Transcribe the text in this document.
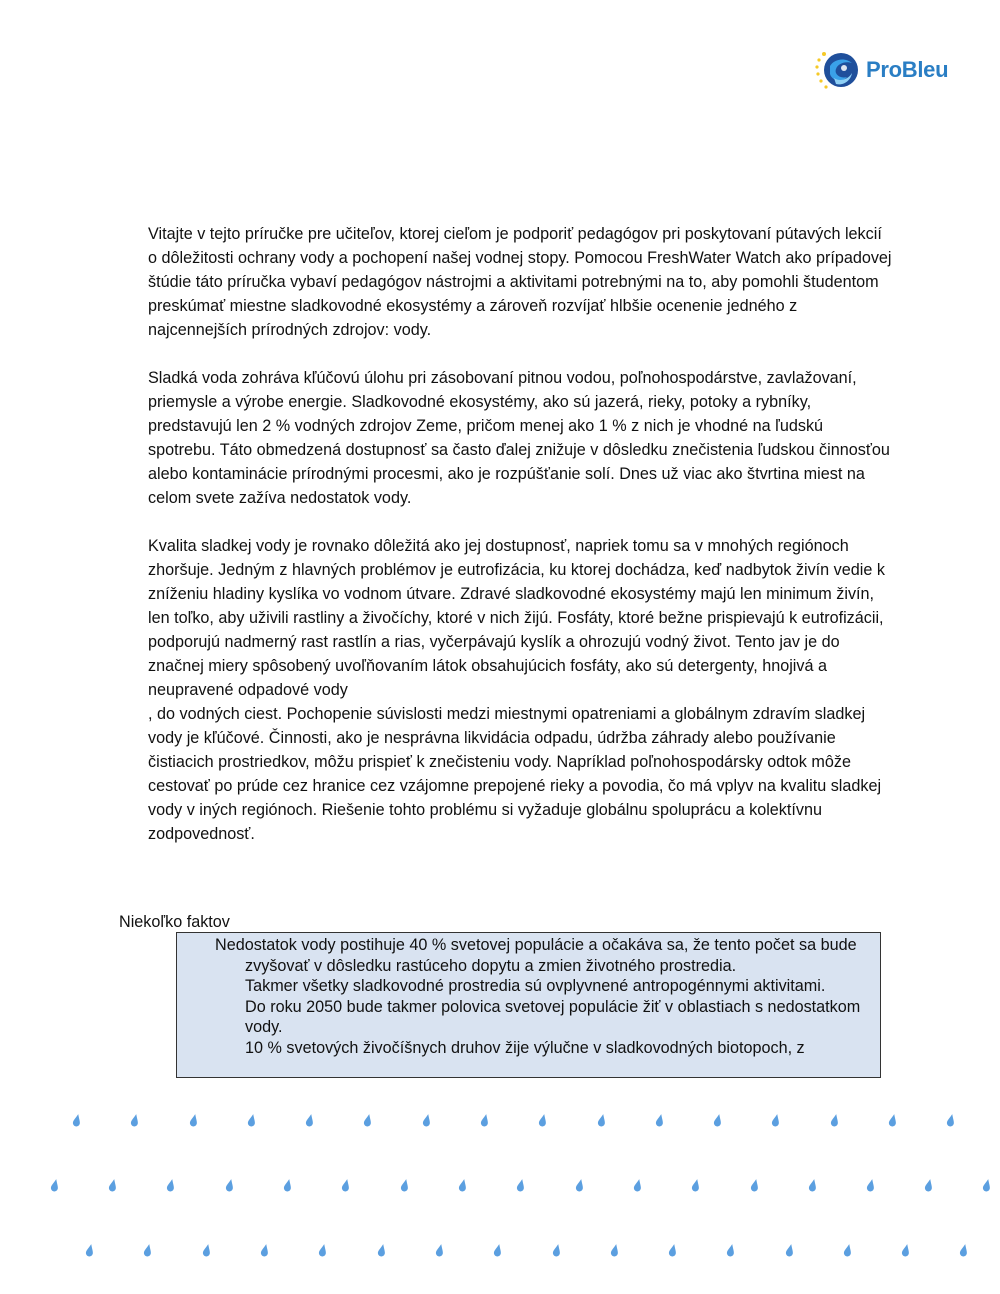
ProBleu

Vitajte v tejto príručke pre učiteľov, ktorej cieľom je podporiť pedagógov pri poskytovaní pútavých lekcií o dôležitosti ochrany vody a pochopení našej vodnej stopy. Pomocou FreshWater Watch ako prípadovej štúdie táto príručka vybaví pedagógov nástrojmi a aktivitami potrebnými na to, aby pomohli študentom preskúmať miestne sladkovodné ekosystémy a zároveň rozvíjať hlbšie ocenenie jedného z najcennejších prírodných zdrojov: vody.

Sladká voda zohráva kľúčovú úlohu pri zásobovaní pitnou vodou, poľnohospodárstve, zavlažovaní, priemysle a výrobe energie. Sladkovodné ekosystémy, ako sú jazerá, rieky, potoky a rybníky, predstavujú len 2 % vodných zdrojov Zeme, pričom menej ako 1 % z nich je vhodné na ľudskú spotrebu. Táto obmedzená dostupnosť sa často ďalej znižuje v dôsledku znečistenia ľudskou činnosťou alebo kontaminácie prírodnými procesmi, ako je rozpúšťanie solí. Dnes už viac ako štvrtina miest na celom svete zažíva nedostatok vody.

Kvalita sladkej vody je rovnako dôležitá ako jej dostupnosť, napriek tomu sa v mnohých regiónoch zhoršuje. Jedným z hlavných problémov je eutrofizácia, ku ktorej dochádza, keď nadbytok živín vedie k zníženiu hladiny kyslíka vo vodnom útvare. Zdravé sladkovodné ekosystémy majú len minimum živín, len toľko, aby uživili rastliny a živočíchy, ktoré v nich žijú. Fosfáty, ktoré bežne prispievajú k eutrofizácii, podporujú nadmerný rast rastlín a rias, vyčerpávajú kyslík a ohrozujú vodný život. Tento jav je do značnej miery spôsobený uvoľňovaním látok obsahujúcich fosfáty, ako sú detergenty, hnojivá a neupravené odpadové vody
, do vodných ciest. Pochopenie súvislosti medzi miestnymi opatreniami a globálnym zdravím sladkej vody je kľúčové. Činnosti, ako je nesprávna likvidácia odpadu, údržba záhrady alebo používanie čistiacich prostriedkov, môžu prispieť k znečisteniu vody. Napríklad poľnohospodársky odtok môže cestovať po prúde cez hranice cez vzájomne prepojené rieky a povodia, čo má vplyv na kvalitu sladkej vody v iných regiónoch. Riešenie tohto problému si vyžaduje globálnu spoluprácu a kolektívnu zodpovednosť.
Niekoľko faktov

Nedostatok vody postihuje 40 % svetovej populácie a očakáva sa, že tento počet sa bude zvyšovať v dôsledku rastúceho dopytu a zmien životného prostredia.

Takmer všetky sladkovodné prostredia sú ovplyvnené antropogénnymi aktivitami.

Do roku 2050 bude takmer polovica svetovej populácie žiť v oblastiach s nedostatkom vody.

10 % svetových živočíšnych druhov žije výlučne v sladkovodných biotopoch, z
